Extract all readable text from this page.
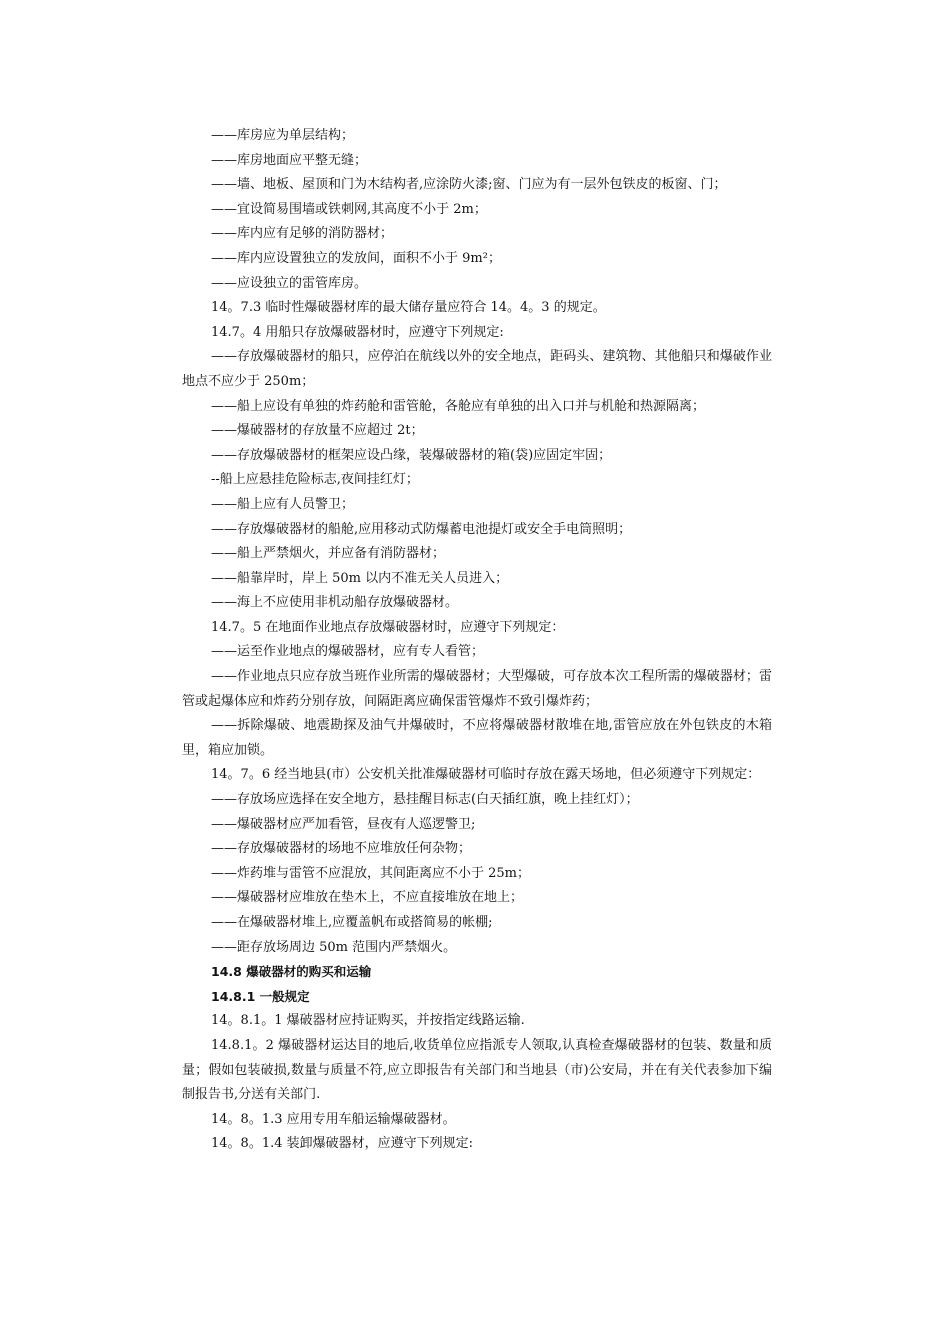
——库房应为单层结构；

——库房地面应平整无缝；

——墙、地板、屋顶和门为木结构者,应涂防火漆;窗、门应为有一层外包铁皮的板窗、门；

——宜设简易围墙或铁刺网,其高度不小于 2m；

——库内应有足够的消防器材；

——库内应设置独立的发放间，面积不小于 9m²；

——应设独立的雷管库房。

14。7.3 临时性爆破器材库的最大储存量应符合 14。4。3 的规定。

14.7。4 用船只存放爆破器材时，应遵守下列规定:

——存放爆破器材的船只，应停泊在航线以外的安全地点，距码头、建筑物、其他船只和爆破作业地点不应少于 250m；

——船上应设有单独的炸药舱和雷管舱，各舱应有单独的出入口并与机舱和热源隔离；

——爆破器材的存放量不应超过 2t；

——存放爆破器材的框架应设凸缘，装爆破器材的箱(袋)应固定牢固；

--船上应悬挂危险标志,夜间挂红灯；

——船上应有人员警卫；

——存放爆破器材的船舱,应用移动式防爆蓄电池提灯或安全手电筒照明；

——船上严禁烟火，并应备有消防器材；

——船靠岸时，岸上 50m 以内不准无关人员进入；

——海上不应使用非机动船存放爆破器材。

14.7。5 在地面作业地点存放爆破器材时，应遵守下列规定：

——运至作业地点的爆破器材，应有专人看管；

——作业地点只应存放当班作业所需的爆破器材；大型爆破，可存放本次工程所需的爆破器材；雷管或起爆体应和炸药分别存放，间隔距离应确保雷管爆炸不致引爆炸药；

——拆除爆破、地震勘探及油气井爆破时，不应将爆破器材散堆在地,雷管应放在外包铁皮的木箱里，箱应加锁。

14。7。6 经当地县(市）公安机关批准爆破器材可临时存放在露天场地，但必须遵守下列规定：

——存放场应选择在安全地方，悬挂醒目标志(白天插红旗，晚上挂红灯）；

——爆破器材应严加看管，昼夜有人巡逻警卫;

——存放爆破器材的场地不应堆放任何杂物；

——炸药堆与雷管不应混放，其间距离应不小于 25m；

——爆破器材应堆放在垫木上，不应直接堆放在地上；

——在爆破器材堆上,应覆盖帆布或搭简易的帐棚;

——距存放场周边 50m 范围内严禁烟火。

14.8 爆破器材的购买和运输

14.8.1 一般规定

14。8.1。1 爆破器材应持证购买，并按指定线路运输.

14.8.1。2 爆破器材运达目的地后,收货单位应指派专人领取,认真检查爆破器材的包装、数量和质量；假如包装破损,数量与质量不符,应立即报告有关部门和当地县（市)公安局，并在有关代表参加下编制报告书,分送有关部门.

14。8。1.3 应用专用车船运输爆破器材。

14。8。1.4 装卸爆破器材，应遵守下列规定:
